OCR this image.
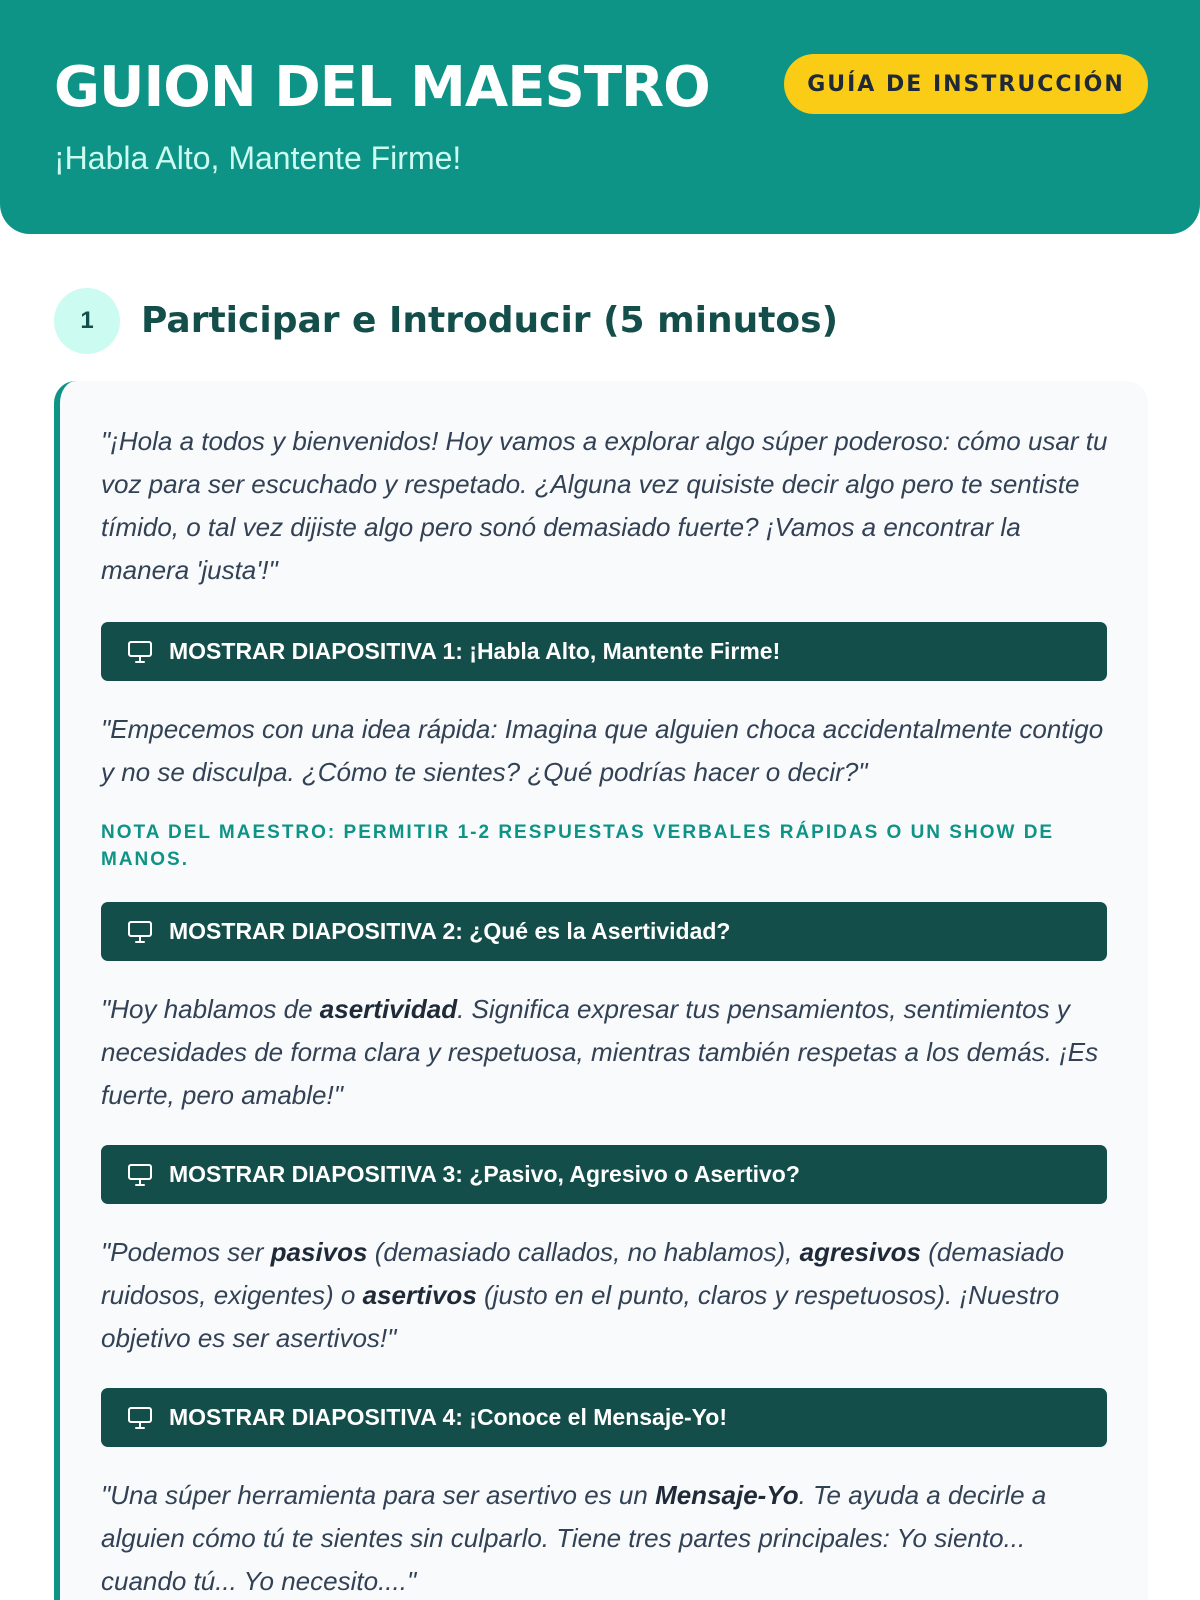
GUION DEL MAESTRO
¡Habla Alto, Mantente Firme!
GUÍA DE INSTRUCCIÓN
1	Participar e Introducir (5 minutos)

"¡Hola a todos y bienvenidos! Hoy vamos a explorar algo súper poderoso: cómo usar tu voz para ser escuchado y respetado. ¿Alguna vez quisiste decir algo pero te sentiste tímido, o tal vez dijiste algo pero sonó demasiado fuerte? ¡Vamos a encontrar la manera 'justa'!"

MOSTRAR DIAPOSITIVA 1: ¡Habla Alto, Mantente Firme!

"Empecemos con una idea rápida: Imagina que alguien choca accidentalmente contigo y no se disculpa. ¿Cómo te sientes? ¿Qué podrías hacer o decir?"

NOTA DEL MAESTRO: PERMITIR 1-2 RESPUESTAS VERBALES RÁPIDAS O UN SHOW DE MANOS.
MOSTRAR DIAPOSITIVA 2: ¿Qué es la Asertividad?

"Hoy hablamos de asertividad. Significa expresar tus pensamientos, sentimientos y necesidades de forma clara y respetuosa, mientras también respetas a los demás. ¡Es fuerte, pero amable!"

MOSTRAR DIAPOSITIVA 3: ¿Pasivo, Agresivo o Asertivo?

"Podemos ser pasivos (demasiado callados, no hablamos), agresivos (demasiado ruidosos, exigentes) o asertivos (justo en el punto, claros y respetuosos). ¡Nuestro objetivo es ser asertivos!"

MOSTRAR DIAPOSITIVA 4: ¡Conoce el Mensaje-Yo!

"Una súper herramienta para ser asertivo es un Mensaje-Yo. Te ayuda a decirle a alguien cómo tú te sientes sin culparlo. Tiene tres partes principales: Yo siento... cuando tú... Yo necesito...."
